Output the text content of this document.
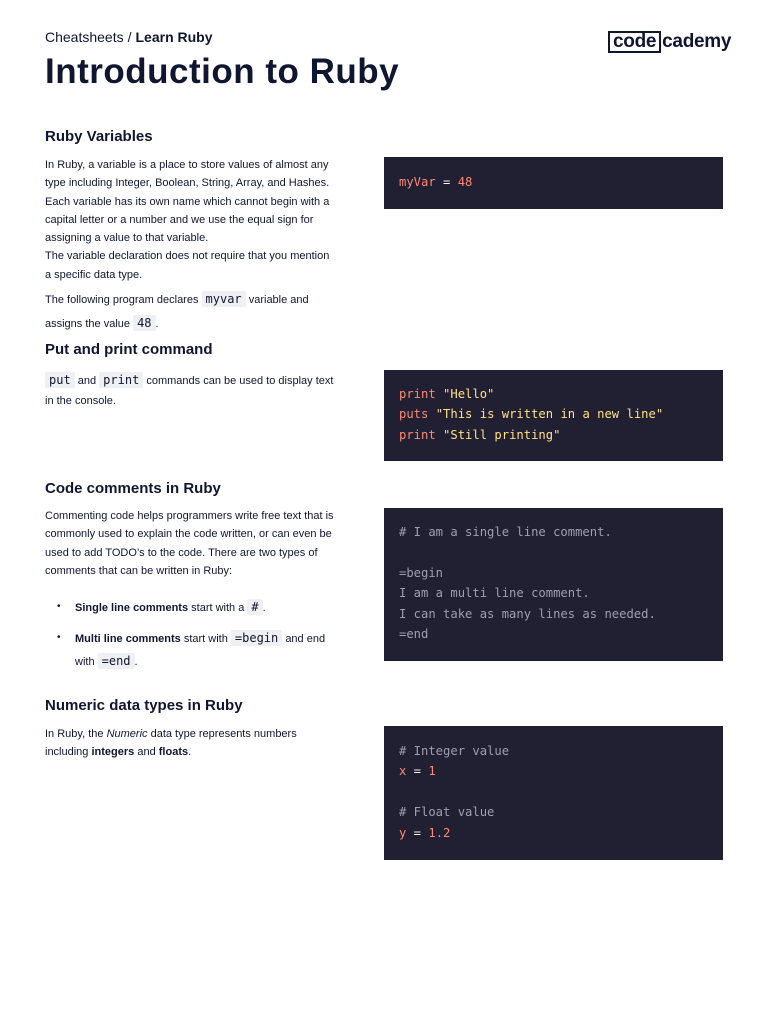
Cheatsheets / Learn Ruby	code cademy
Introduction to Ruby
Ruby Variables

In Ruby, a variable is a place to store values of almost any type including Integer, Boolean, String, Array, and Hashes. Each variable has its own name which cannot begin with a capital letter or a number and we use the equal sign for assigning a value to that variable.

The variable declaration does not require that you mention a specific data type.

The following program declares myvar variable and assigns the value 48 .

myVar = 48
Put and print command

put and print commands can be used to display text in the console.	print "Hello"
puts "This is written in a new line"
print "Still printing"
Code comments in Ruby

Commenting code helps programmers write free text that is commonly used to explain the code written, or can even be used to add TODO’s to the code. There are two types of comments that can be written in Ruby:

• Single line comments start with a # .
• Multi line comments start with =begin and end with =end .
# I am a single line comment.

=begin
I am a multi line comment.
I can take as many lines as needed.
=end
Numeric data types in Ruby

In Ruby, the Numeric data type represents numbers including integers and floats.	# Integer value
x = 1

# Float value
y = 1.2
